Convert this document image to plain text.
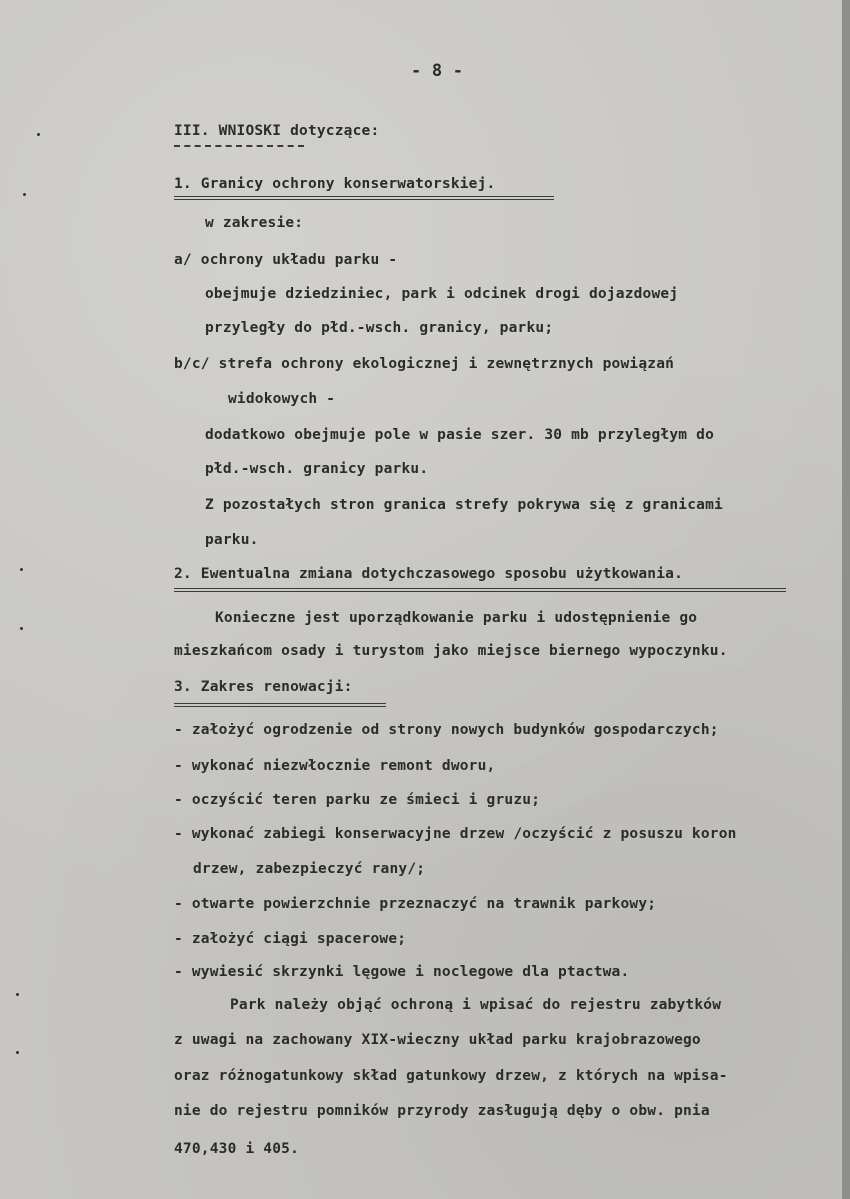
- 8 -
III. WNIOSKI dotyczące:
1. Granicy ochrony konserwatorskiej.
w zakresie:
a/ ochrony układu parku -
obejmuje dziedziniec, park i odcinek drogi dojazdowej
przyległy do płd.-wsch. granicy, parku;
b/c/ strefa ochrony ekologicznej i zewnętrznych powiązań
widokowych -
dodatkowo obejmuje pole w pasie szer. 30 mb przyległym do
płd.-wsch. granicy parku.
Z pozostałych stron granica strefy pokrywa się z granicami
parku.
2. Ewentualna zmiana dotychczasowego sposobu użytkowania.
Konieczne jest uporządkowanie parku i udostępnienie go
mieszkańcom osady i turystom jako miejsce biernego wypoczynku.
3. Zakres renowacji:
- założyć ogrodzenie od strony nowych budynków gospodarczych;
- wykonać niezwłocznie remont dworu,
- oczyścić teren parku ze śmieci i gruzu;
- wykonać zabiegi konserwacyjne drzew /oczyścić z posuszu koron
drzew, zabezpieczyć rany/;
- otwarte powierzchnie przeznaczyć na trawnik parkowy;
- założyć ciągi spacerowe;
- wywiesić skrzynki lęgowe i noclegowe dla ptactwa.
Park należy objąć ochroną i wpisać do rejestru zabytków
z uwagi na zachowany XIX-wieczny układ parku krajobrazowego
oraz różnogatunkowy skład gatunkowy drzew, z których na wpisa-
nie do rejestru pomników przyrody zasługują dęby o obw. pnia
470,430 i 405.
